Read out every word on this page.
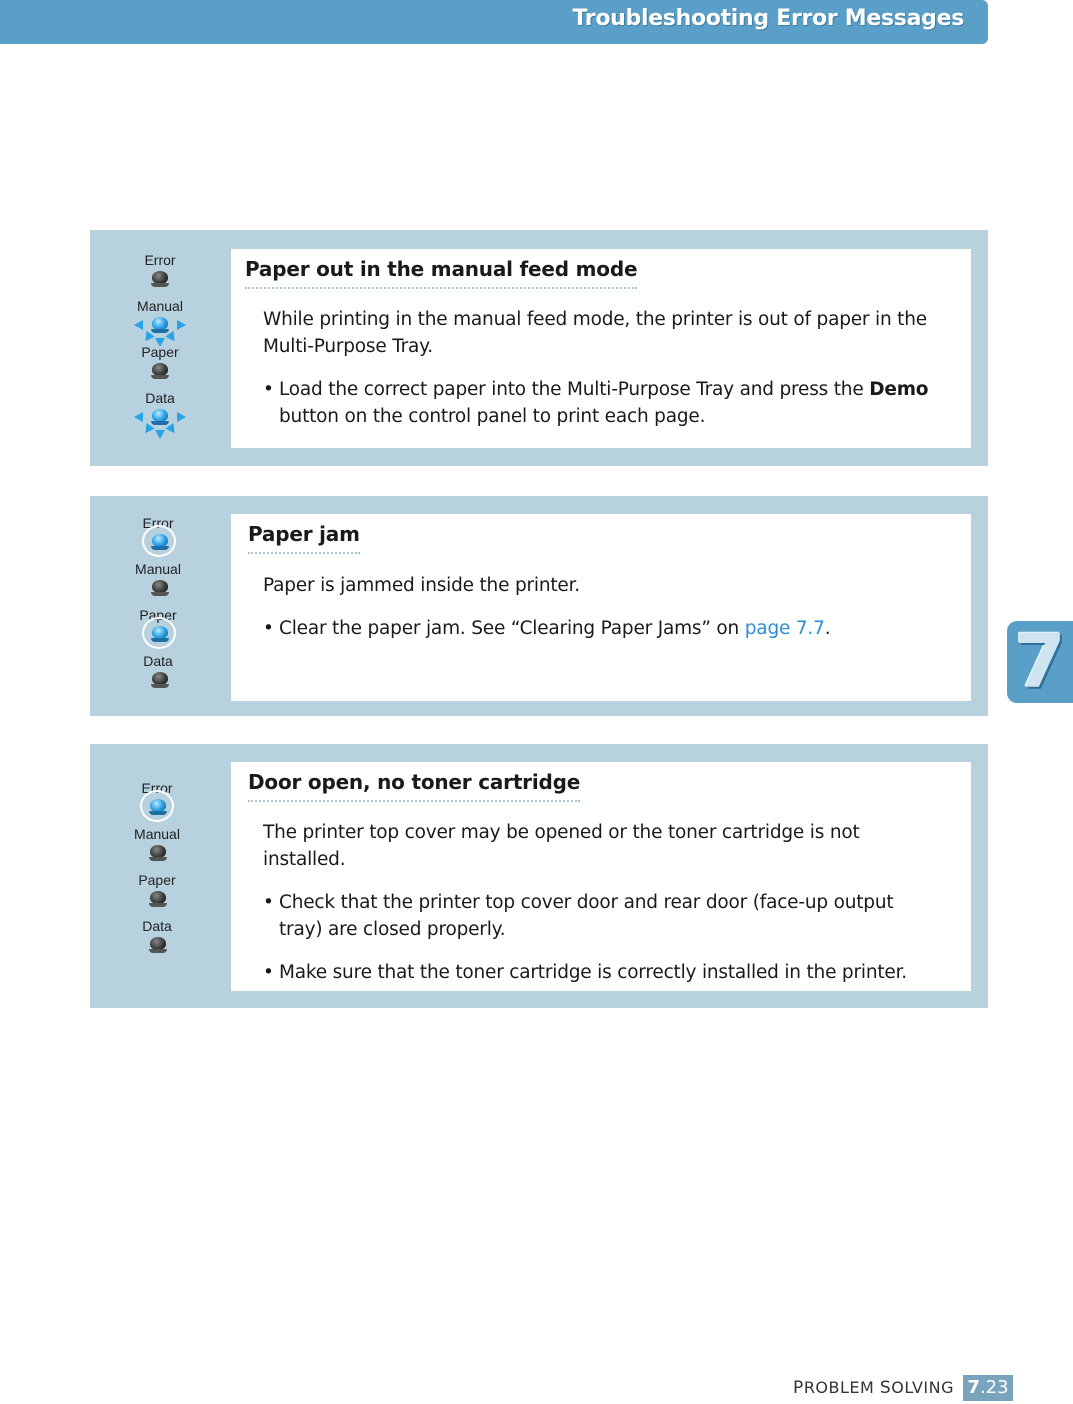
Troubleshooting Error Messages
Error
Manual
Paper
Data
Paper out in the manual feed mode

While printing in the manual feed mode, the printer is out of paper in the Multi-Purpose Tray.

• Load the correct paper into the Multi-Purpose Tray and press the Demo button on the control panel to print each page.

Error
Manual
Paper
Data
Paper jam

Paper is jammed inside the printer.

• Clear the paper jam. See “Clearing Paper Jams” on page 7.7.

Error
Manual
Paper
Data
Door open, no toner cartridge

The printer top cover may be opened or the toner cartridge is not installed.

• Check that the printer top cover door and rear door (face-up output tray) are closed properly.

• Make sure that the toner cartridge is correctly installed in the printer.

7
PROBLEM SOLVING 7.23
